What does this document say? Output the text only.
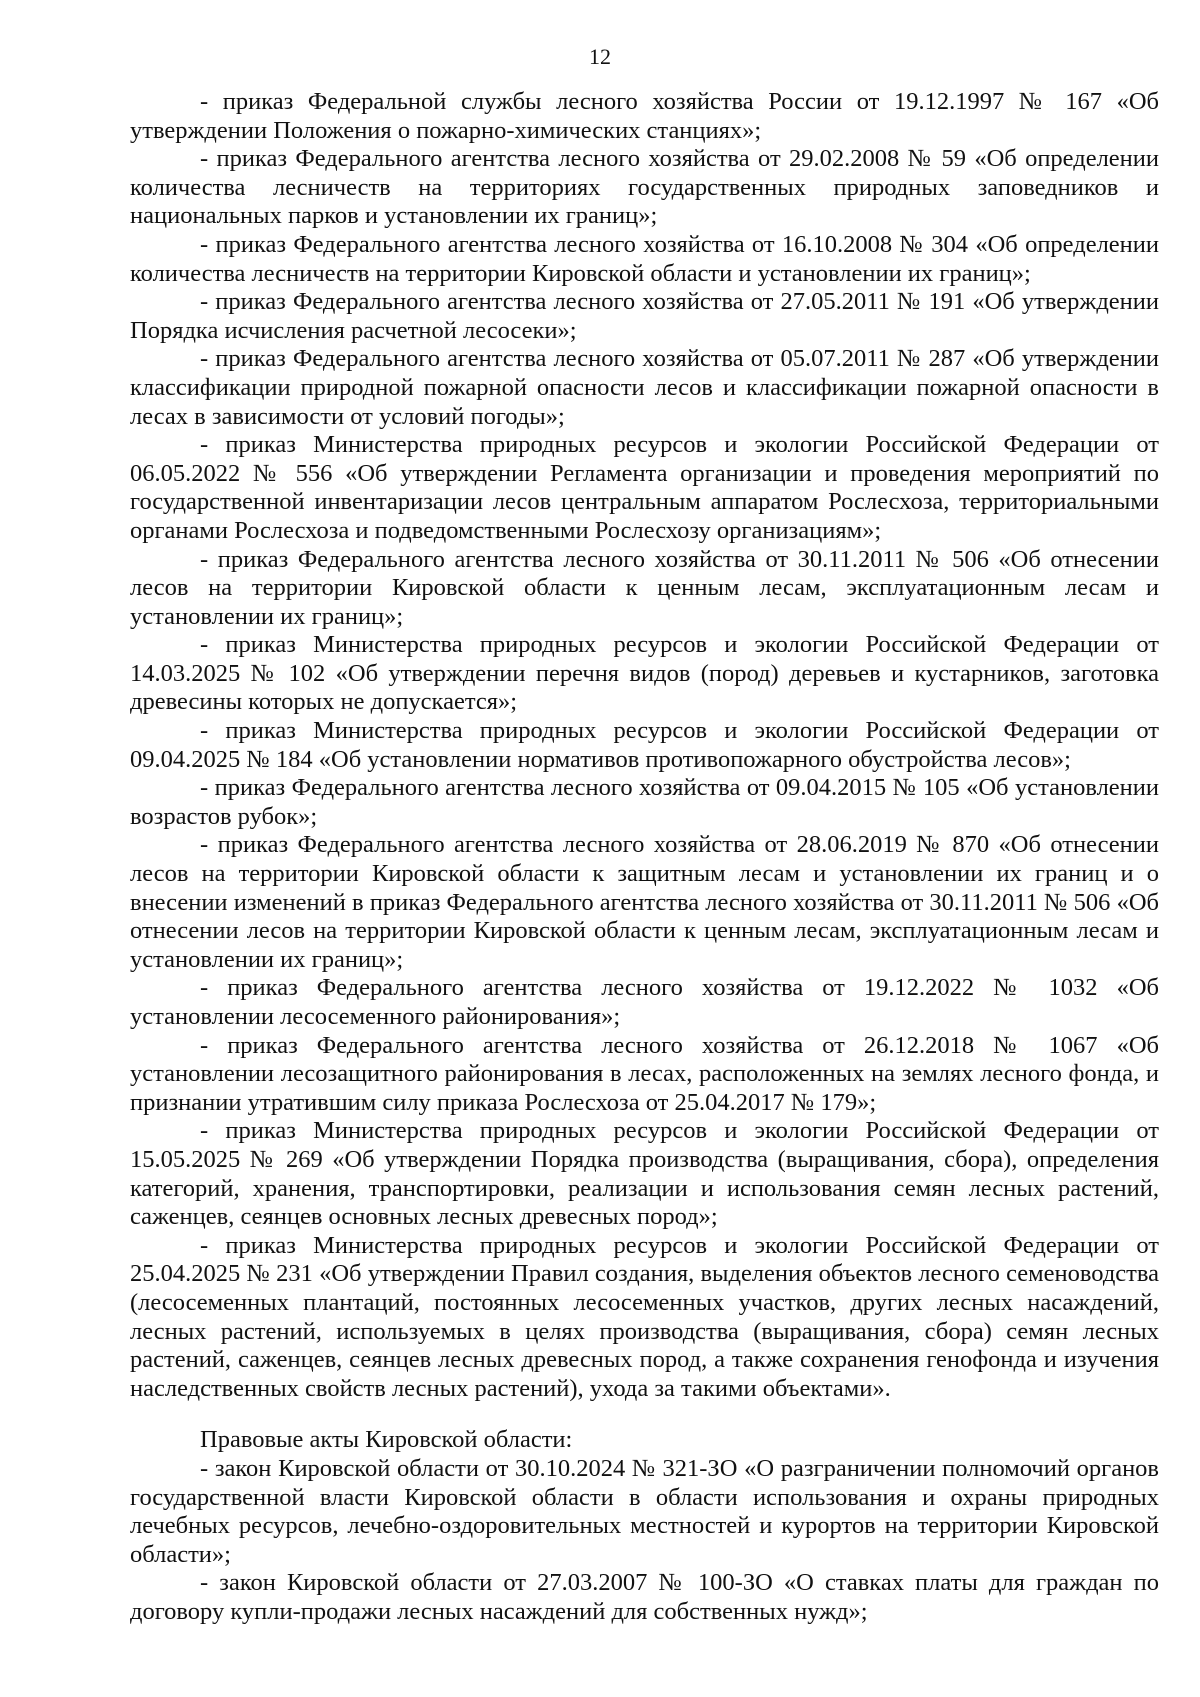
12

- приказ Федеральной службы лесного хозяйства России от 19.12.1997 № 167 «Об утверждении Положения о пожарно-химических станциях»;

- приказ Федерального агентства лесного хозяйства от 29.02.2008 № 59 «Об определении количества лесничеств на территориях государственных природных заповедников и национальных парков и установлении их границ»;

- приказ Федерального агентства лесного хозяйства от 16.10.2008 № 304 «Об определении количества лесничеств на территории Кировской области и установлении их границ»;

- приказ Федерального агентства лесного хозяйства от 27.05.2011 № 191 «Об утверждении Порядка исчисления расчетной лесосеки»;

- приказ Федерального агентства лесного хозяйства от 05.07.2011 № 287 «Об утверждении классификации природной пожарной опасности лесов и классификации пожарной опасности в лесах в зависимости от условий погоды»;

- приказ Министерства природных ресурсов и экологии Российской Федерации от 06.05.2022 № 556 «Об утверждении Регламента организации и проведения мероприятий по государственной инвентаризации лесов центральным аппаратом Рослесхоза, территориальными органами Рослесхоза и подведомственными Рослесхозу организациям»;

- приказ Федерального агентства лесного хозяйства от 30.11.2011 № 506 «Об отнесении лесов на территории Кировской области к ценным лесам, эксплуатационным лесам и установлении их границ»;

- приказ Министерства природных ресурсов и экологии Российской Федерации от 14.03.2025 № 102 «Об утверждении перечня видов (пород) деревьев и кустарников, заготовка древесины которых не допускается»;

- приказ Министерства природных ресурсов и экологии Российской Федерации от 09.04.2025 № 184 «Об установлении нормативов противопожарного обустройства лесов»;

- приказ Федерального агентства лесного хозяйства от 09.04.2015 № 105 «Об установлении возрастов рубок»;

- приказ Федерального агентства лесного хозяйства от 28.06.2019 № 870 «Об отнесении лесов на территории Кировской области к защитным лесам и установлении их границ и о внесении изменений в приказ Федерального агентства лесного хозяйства от 30.11.2011 № 506 «Об отнесении лесов на территории Кировской области к ценным лесам, эксплуатационным лесам и установлении их границ»;

- приказ Федерального агентства лесного хозяйства от 19.12.2022 № 1032 «Об установлении лесосеменного районирования»;

- приказ Федерального агентства лесного хозяйства от 26.12.2018 № 1067 «Об установлении лесозащитного районирования в лесах, расположенных на землях лесного фонда, и признании утратившим силу приказа Рослесхоза от 25.04.2017 № 179»;

- приказ Министерства природных ресурсов и экологии Российской Федерации от 15.05.2025 № 269 «Об утверждении Порядка производства (выращивания, сбора), определения категорий, хранения, транспортировки, реализации и использования семян лесных растений, саженцев, сеянцев основных лесных древесных пород»;

- приказ Министерства природных ресурсов и экологии Российской Федерации от 25.04.2025 № 231 «Об утверждении Правил создания, выделения объектов лесного семеноводства (лесосеменных плантаций, постоянных лесосеменных участков, других лесных насаждений, лесных растений, используемых в целях производства (выращивания, сбора) семян лесных растений, саженцев, сеянцев лесных древесных пород, а также сохранения генофонда и изучения наследственных свойств лесных растений), ухода за такими объектами».

Правовые акты Кировской области:

- закон Кировской области от 30.10.2024 № 321-ЗО «О разграничении полномочий органов государственной власти Кировской области в области использования и охраны природных лечебных ресурсов, лечебно-оздоровительных местностей и курортов на территории Кировской области»;

- закон Кировской области от 27.03.2007 № 100-ЗО «О ставках платы для граждан по договору купли-продажи лесных насаждений для собственных нужд»;
